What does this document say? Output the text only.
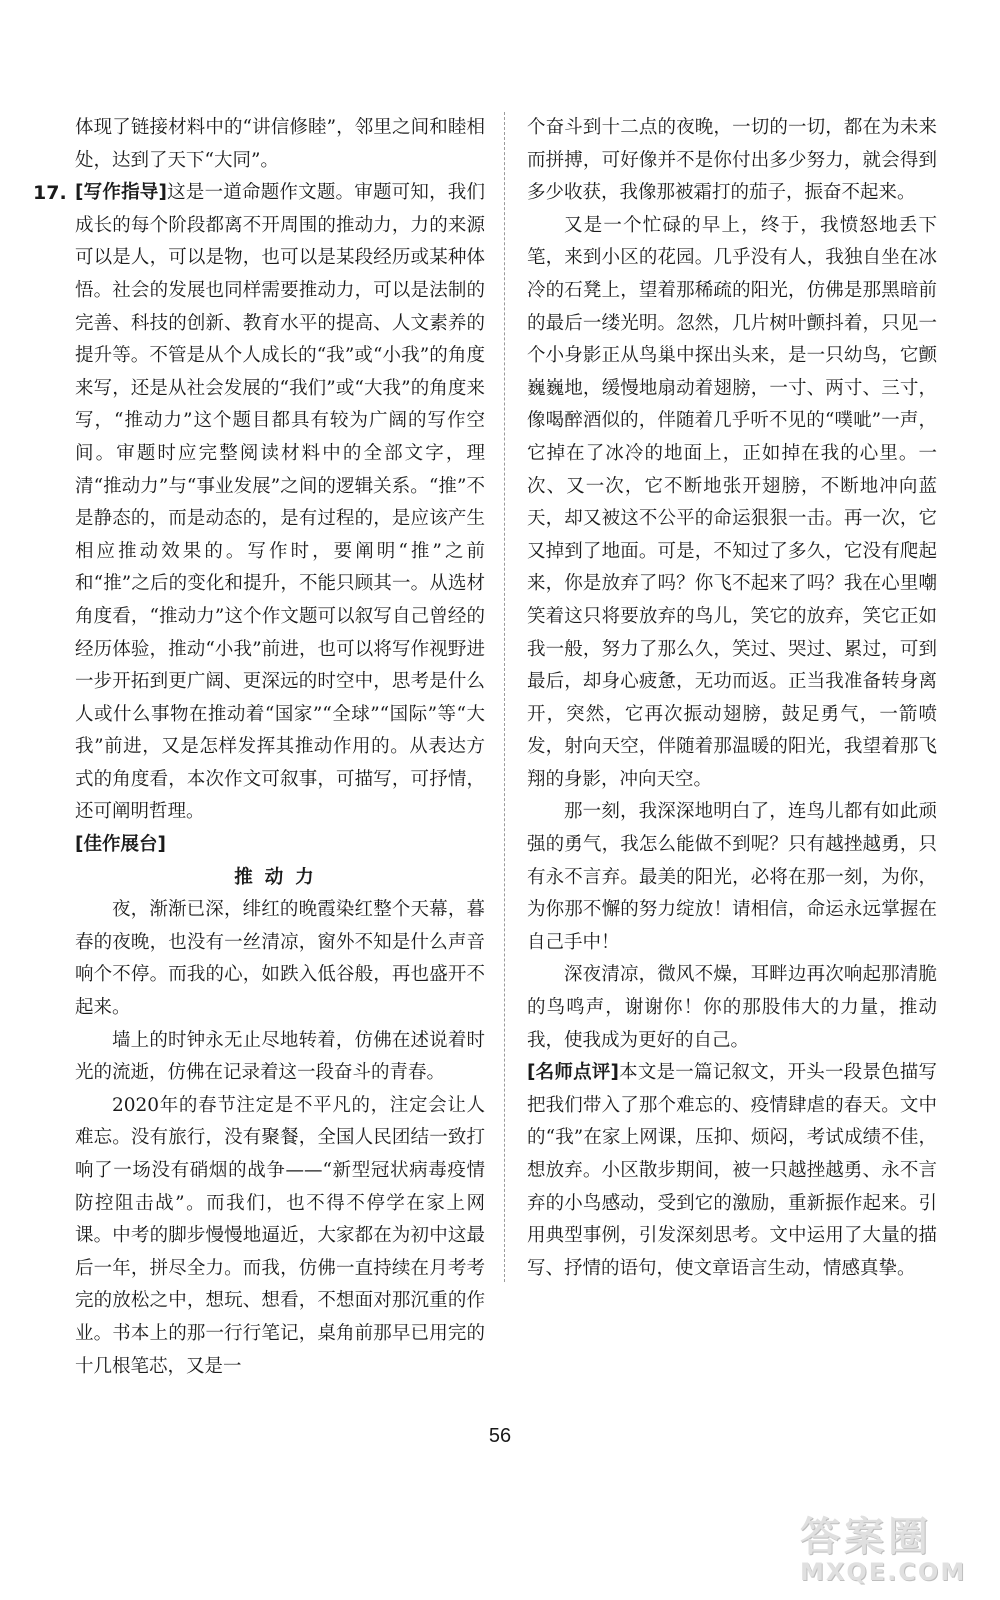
体现了链接材料中的“讲信修睦”，邻里之间和睦相处，达到了天下“大同”。

17. [写作指导]这是一道命题作文题。审题可知，我们成长的每个阶段都离不开周围的推动力，力的来源可以是人，可以是物，也可以是某段经历或某种体悟。社会的发展也同样需要推动力，可以是法制的完善、科技的创新、教育水平的提高、人文素养的提升等。不管是从个人成长的“我”或“小我”的角度来写，还是从社会发展的“我们”或“大我”的角度来写，“推动力”这个题目都具有较为广阔的写作空间。审题时应完整阅读材料中的全部文字，理清“推动力”与“事业发展”之间的逻辑关系。“推”不是静态的，而是动态的，是有过程的，是应该产生相应推动效果的。写作时，要阐明“推”之前和“推”之后的变化和提升，不能只顾其一。从选材角度看，“推动力”这个作文题可以叙写自己曾经的经历体验，推动“小我”前进，也可以将写作视野进一步开拓到更广阔、更深远的时空中，思考是什么人或什么事物在推动着“国家”“全球”“国际”等“大我”前进，又是怎样发挥其推动作用的。从表达方式的角度看，本次作文可叙事，可描写，可抒情，还可阐明哲理。

[佳作展台]

推动力

夜，渐渐已深，绯红的晚霞染红整个天幕，暮春的夜晚，也没有一丝清凉，窗外不知是什么声音响个不停。而我的心，如跌入低谷般，再也盛开不起来。

墙上的时钟永无止尽地转着，仿佛在述说着时光的流逝，仿佛在记录着这一段奋斗的青春。

2020年的春节注定是不平凡的，注定会让人难忘。没有旅行，没有聚餐，全国人民团结一致打响了一场没有硝烟的战争——“新型冠状病毒疫情防控阻击战”。而我们，也不得不停学在家上网课。中考的脚步慢慢地逼近，大家都在为初中这最后一年，拼尽全力。而我，仿佛一直持续在月考考完的放松之中，想玩、想看，不想面对那沉重的作业。书本上的那一行行笔记，桌角前那早已用完的十几根笔芯，又是一

个奋斗到十二点的夜晚，一切的一切，都在为未来而拼搏，可好像并不是你付出多少努力，就会得到多少收获，我像那被霜打的茄子，振奋不起来。

又是一个忙碌的早上，终于，我愤怒地丢下笔，来到小区的花园。几乎没有人，我独自坐在冰冷的石凳上，望着那稀疏的阳光，仿佛是那黑暗前的最后一缕光明。忽然，几片树叶颤抖着，只见一个小身影正从鸟巢中探出头来，是一只幼鸟，它颤巍巍地，缓慢地扇动着翅膀，一寸、两寸、三寸，像喝醉酒似的，伴随着几乎听不见的“噗呲”一声，它掉在了冰冷的地面上，正如掉在我的心里。一次、又一次，它不断地张开翅膀，不断地冲向蓝天，却又被这不公平的命运狠狠一击。再一次，它又掉到了地面。可是，不知过了多久，它没有爬起来，你是放弃了吗？你飞不起来了吗？我在心里嘲笑着这只将要放弃的鸟儿，笑它的放弃，笑它正如我一般，努力了那么久，笑过、哭过、累过，可到最后，却身心疲惫，无功而返。正当我准备转身离开，突然，它再次振动翅膀，鼓足勇气，一箭喷发，射向天空，伴随着那温暖的阳光，我望着那飞翔的身影，冲向天空。

那一刻，我深深地明白了，连鸟儿都有如此顽强的勇气，我怎么能做不到呢？只有越挫越勇，只有永不言弃。最美的阳光，必将在那一刻，为你，为你那不懈的努力绽放！请相信，命运永远掌握在自己手中！

深夜清凉，微风不燥，耳畔边再次响起那清脆的鸟鸣声，谢谢你！你的那股伟大的力量，推动我，使我成为更好的自己。

[名师点评]本文是一篇记叙文，开头一段景色描写把我们带入了那个难忘的、疫情肆虐的春天。文中的“我”在家上网课，压抑、烦闷，考试成绩不佳，想放弃。小区散步期间，被一只越挫越勇、永不言弃的小鸟感动，受到它的激励，重新振作起来。引用典型事例，引发深刻思考。文中运用了大量的描写、抒情的语句，使文章语言生动，情感真挚。

56
答案圈
MXQE.COM
